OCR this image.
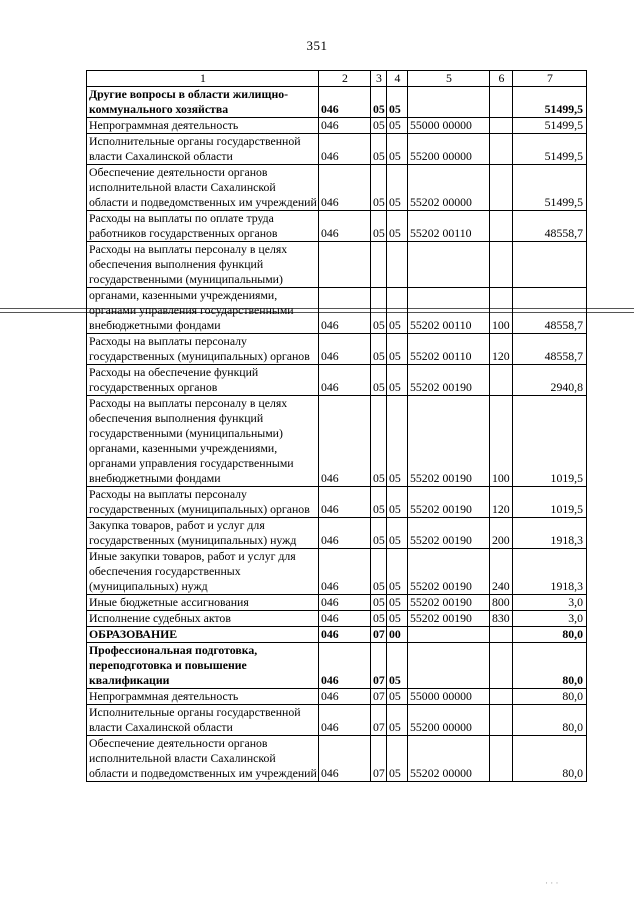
351
1	2	3	4	5	6	7
Другие вопросы в области жилищно-коммунального хозяйства	046	05	05			51499,5
Непрограммная деятельность	046	05	05	55000 00000		51499,5
Исполнительные органы государственной власти Сахалинской области	046	05	05	55200 00000		51499,5
Обеспечение деятельности органов исполнительной власти Сахалинской области и подведомственных им учреждений	046	05	05	55202 00000		51499,5
Расходы на выплаты по оплате труда работников государственных органов	046	05	05	55202 00110		48558,7
Расходы на выплаты персоналу в целях обеспечения выполнения функций государственными (муниципальными)						
органами, казенными учреждениями, органами управления государственными внебюджетными фондами	046	05	05	55202 00110	100	48558,7
Расходы на выплаты персоналу государственных (муниципальных) органов	046	05	05	55202 00110	120	48558,7
Расходы на обеспечение функций государственных органов	046	05	05	55202 00190		2940,8
Расходы на выплаты персоналу в целях обеспечения выполнения функций государственными (муниципальными) органами, казенными учреждениями, органами управления государственными внебюджетными фондами	046	05	05	55202 00190	100	1019,5
Расходы на выплаты персоналу государственных (муниципальных) органов	046	05	05	55202 00190	120	1019,5
Закупка товаров, работ и услуг для государственных (муниципальных) нужд	046	05	05	55202 00190	200	1918,3
Иные закупки товаров, работ и услуг для обеспечения государственных (муниципальных) нужд	046	05	05	55202 00190	240	1918,3
Иные бюджетные ассигнования	046	05	05	55202 00190	800	3,0
Исполнение судебных актов	046	05	05	55202 00190	830	3,0
ОБРАЗОВАНИЕ	046	07	00			80,0
Профессиональная подготовка, переподготовка и повышение квалификации	046	07	05			80,0
Непрограммная деятельность	046	07	05	55000 00000		80,0
Исполнительные органы государственной власти Сахалинской области	046	07	05	55200 00000		80,0
Обеспечение деятельности органов исполнительной власти Сахалинской области и подведомственных им учреждений	046	07	05	55202 00000		80,0
· · ·
